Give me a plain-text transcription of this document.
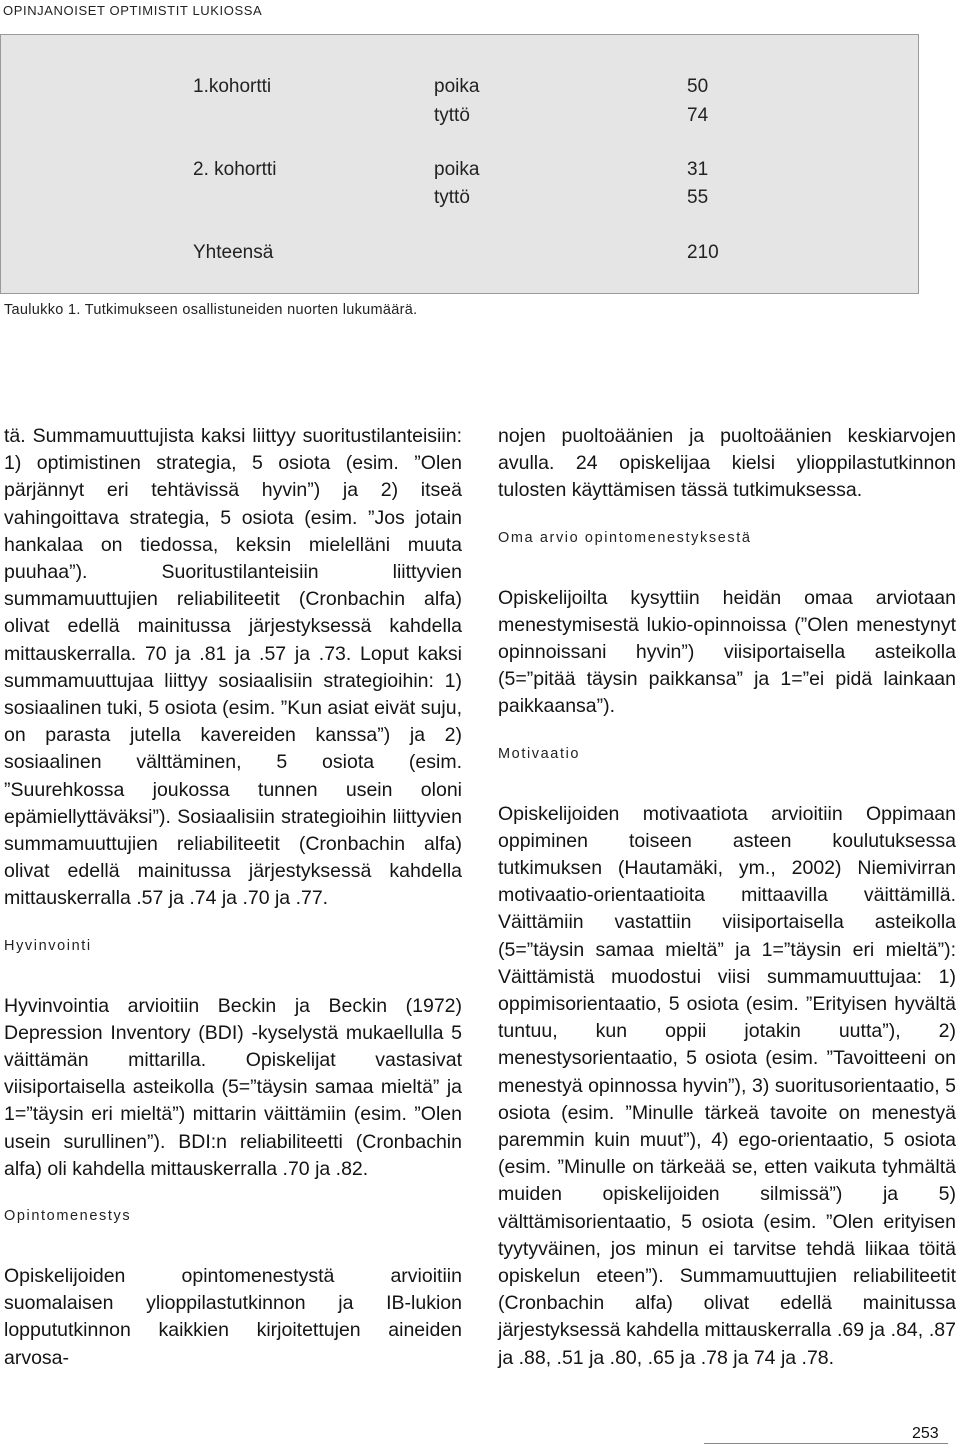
OPINJANOISET OPTIMISTIT LUKIOSSA
1.kohortti	poika	50
tyttö	74
2. kohortti	poika	31
tyttö	55
Yhteensä	210
Taulukko 1. Tutkimukseen osallistuneiden nuorten lukumäärä.

tä. Summamuuttujista kaksi liittyy suoritustilanteisiin: 1) optimistinen strategia, 5 osiota (esim. ”Olen pärjännyt eri tehtävissä hyvin”) ja 2) itseä vahingoittava strategia, 5 osiota (esim. ”Jos jotain hankalaa on tiedossa, keksin mielelläni muuta puuhaa”). Suoritustilanteisiin liittyvien summamuuttujien reliabiliteetit (Cronbachin alfa) olivat edellä mainitussa järjestyksessä kahdella mittauskerralla. 70 ja .81 ja .57 ja .73. Loput kaksi summamuuttujaa liittyy sosiaalisiin strategioihin: 1) sosiaalinen tuki, 5 osiota (esim. ”Kun asiat eivät suju, on parasta jutella kavereiden kanssa”) ja 2) sosiaalinen välttäminen, 5 osiota (esim. ”Suurehkossa joukossa tunnen usein oloni epämiellyttäväksi”). Sosiaalisiin strategioihin liittyvien summamuuttujien reliabiliteetit (Cronbachin alfa) olivat edellä mainitussa järjestyksessä kahdella mittauskerralla .57 ja .74 ja .70 ja .77.

Hyvinvointi

Hyvinvointia arvioitiin Beckin ja Beckin (1972) Depression Inventory (BDI) -kyselystä mukaellulla 5 väittämän mittarilla. Opiskelijat vastasivat viisiportaisella asteikolla (5=”täysin samaa mieltä” ja 1=”täysin eri mieltä”) mittarin väittämiin (esim. ”Olen usein surullinen”). BDI:n reliabiliteetti (Cronbachin alfa) oli kahdella mittauskerralla .70 ja .82.

Opintomenestys

Opiskelijoiden opintomenestystä arvioitiin suomalaisen ylioppilastutkinnon ja IB-lukion loppututkinnon kaikkien kirjoitettujen aineiden arvosa-

nojen puoltoäänien ja puoltoäänien keskiarvojen avulla. 24 opiskelijaa kielsi ylioppilastutkinnon tulosten käyttämisen tässä tutkimuksessa.

Oma arvio opintomenestyksestä

Opiskelijoilta kysyttiin heidän omaa arviotaan menestymisestä lukio-opinnoissa (”Olen menestynyt opinnoissani hyvin”) viisiportaisella asteikolla (5=”pitää täysin paikkansa” ja 1=”ei pidä lainkaan paikkaansa”).

Motivaatio

Opiskelijoiden motivaatiota arvioitiin Oppimaan oppiminen toiseen asteen koulutuksessa tutkimuksen (Hautamäki, ym., 2002) Niemivirran motivaatio-orientaatioita mittaavilla väittämillä. Väittämiin vastattiin viisiportaisella asteikolla (5=”täysin samaa mieltä” ja 1=”täysin eri mieltä”): Väittämistä muodostui viisi summamuuttujaa: 1) oppimisorientaatio, 5 osiota (esim. ”Erityisen hyvältä tuntuu, kun oppii jotakin uutta”), 2) menestysorientaatio, 5 osiota (esim. ”Tavoitteeni on menestyä opinnossa hyvin”), 3) suoritusorientaatio, 5 osiota (esim. ”Minulle tärkeä tavoite on menestyä paremmin kuin muut”), 4) ego-orientaatio, 5 osiota (esim. ”Minulle on tärkeää se, etten vaikuta tyhmältä muiden opiskelijoiden silmissä”) ja 5) välttämisorientaatio, 5 osiota (esim. ”Olen erityisen tyytyväinen, jos minun ei tarvitse tehdä liikaa töitä opiskelun eteen”). Summamuuttujien reliabiliteetit (Cronbachin alfa) olivat edellä mainitussa järjestyksessä kahdella mittauskerralla .69 ja .84, .87 ja .88, .51 ja .80, .65 ja .78 ja 74 ja .78.

253
